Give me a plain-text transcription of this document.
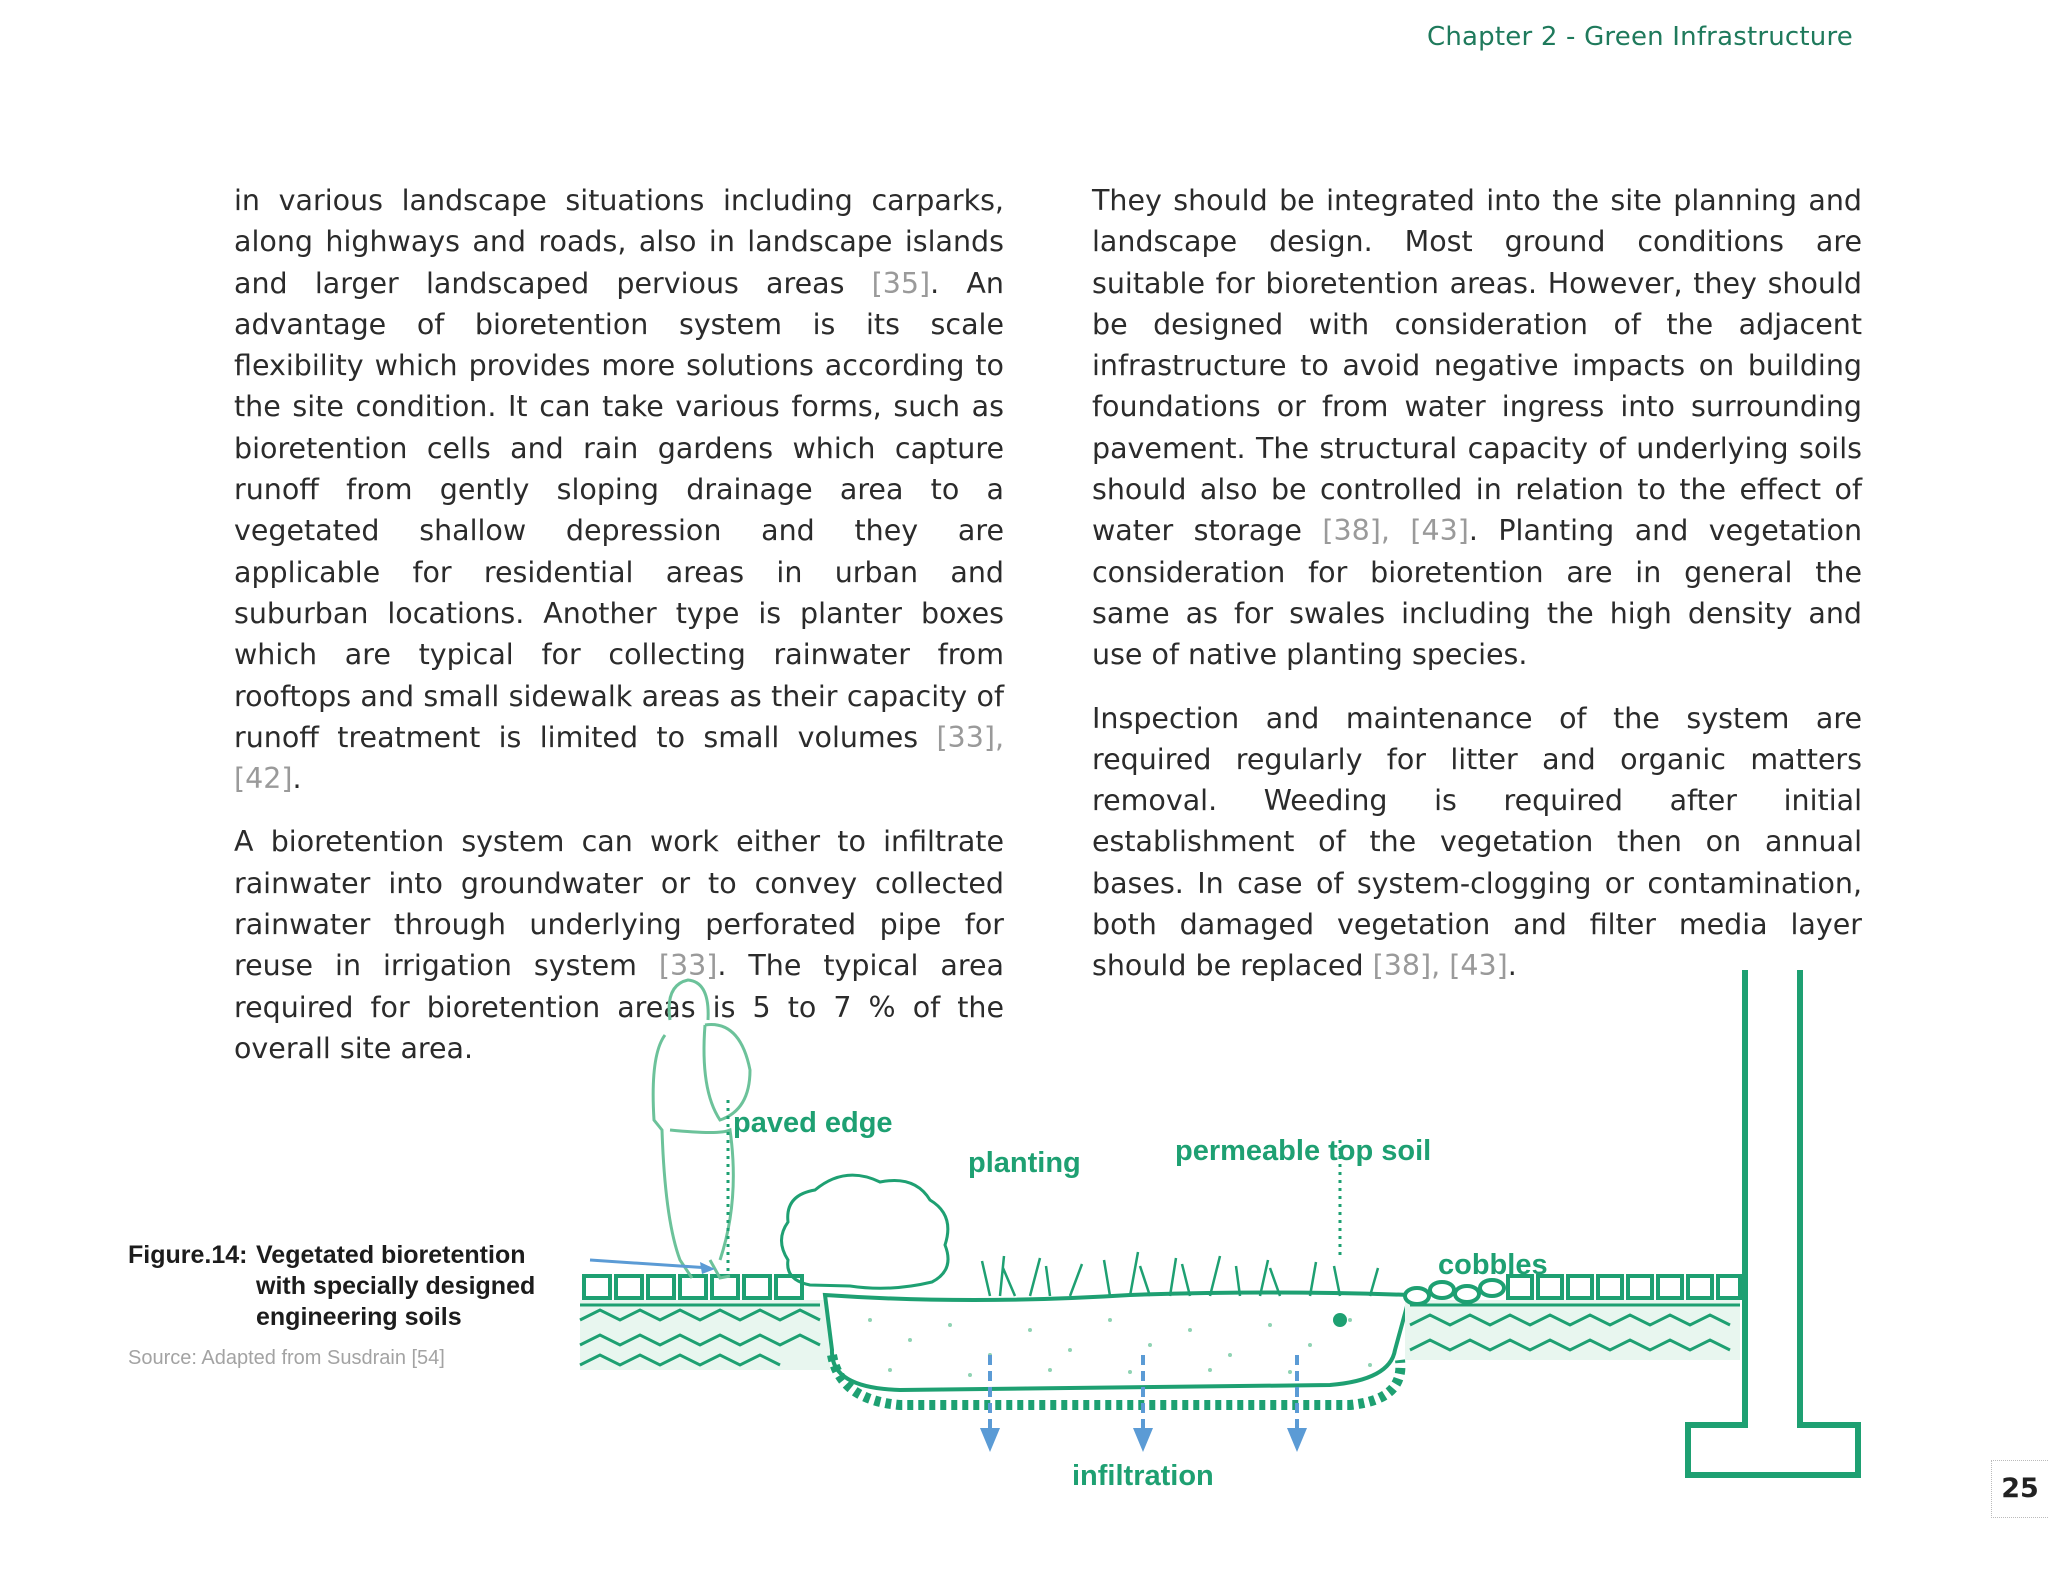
Chapter 2 - Green Infrastructure

in various landscape situations including carparks, along highways and roads, also in landscape islands and larger landscaped pervious areas [35]. An advantage of bioretention system is its scale flexibility which provides more solutions according to the site condition. It can take various forms, such as bioretention cells and rain gardens which capture runoff from gently sloping drainage area to a vegetated shallow depression and they are applicable for residential areas in urban and suburban locations. Another type is planter boxes which are typical for collecting rainwater from rooftops and small sidewalk areas as their capacity of runoff treatment is limited to small volumes [33], [42].

A bioretention system can work either to infiltrate rainwater into groundwater or to convey collected rainwater through underlying perforated pipe for reuse in irrigation system [33]. The typical area required for bioretention areas is 5 to 7 % of the overall site area.

They should be integrated into the site planning and landscape design. Most ground conditions are suitable for bioretention areas. However, they should be designed with consideration of the adjacent infrastructure to avoid negative impacts on building foundations or from water ingress into surrounding pavement. The structural capacity of underlying soils should also be controlled in relation to the effect of water storage [38], [43]. Planting and vegetation consideration for bioretention are in general the same as for swales including the high density and use of native planting species.

Inspection and maintenance of the system are required regularly for litter and organic matters removal. Weeding is required after initial establishment of the vegetation then on annual bases. In case of system-clogging or contamination, both damaged vegetation and filter media layer should be replaced [38], [43].

paved edge
planting	permeable top soil
cobbles
infiltration
Figure.14: Vegetated bioretention with specially designed engineering soils
Source: Adapted from Susdrain [54]
25
